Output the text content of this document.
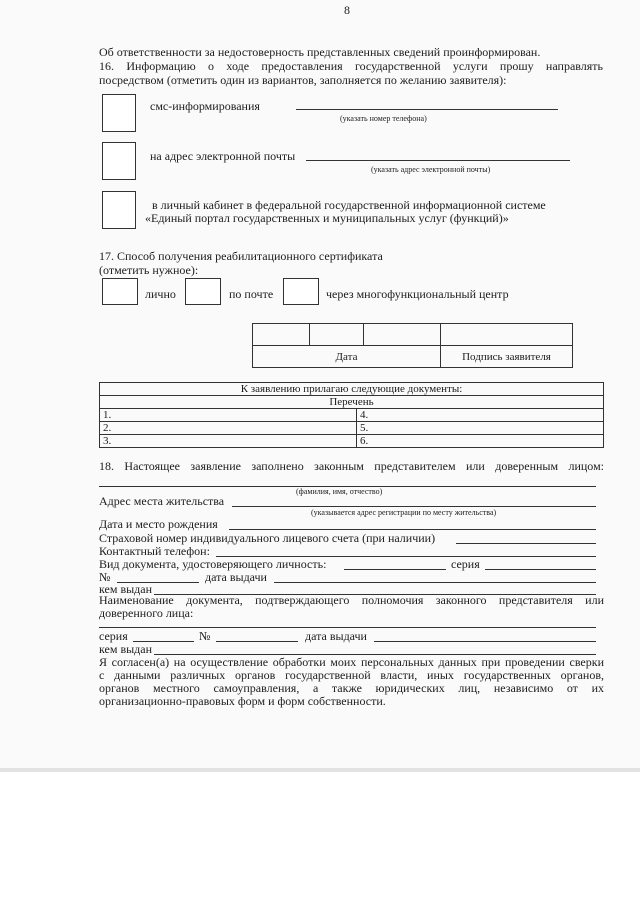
8
Об ответственности за недостоверность представленных сведений проинформирован.
16. Информацию о ходе предоставления государственной услуги прошу направлять
посредством (отметить один из вариантов, заполняется по желанию заявителя):
смс-информирования
(указать номер телефона)
на адрес электронной почты
(указать адрес электронной почты)
в личный кабинет в федеральной государственной информационной системе
«Единый портал государственных и муниципальных услуг (функций)»
17. Способ получения реабилитационного сертификата
(отметить нужное):
лично	по почте	через многофункциональный центр

Дата			Подпись заявителя
К заявлению прилагаю следующие документы:	
Перечень	
1.	4.
2.	5.
3.	6.
18. Настоящее заявление заполнено законным представителем или доверенным лицом:
(фамилия, имя, отчество)
Адрес места жительства
(указывается адрес регистрации по месту жительства)
Дата и место рождения
Страховой номер индивидуального лицевого счета (при наличии)
Контактный телефон:
Вид документа, удостоверяющего личность:	серия
№	дата выдачи
кем выдан
Наименование документа, подтверждающего полномочия законного представителя или
доверенного лица:
серия	№	дата выдачи
кем выдан
Я согласен(а) на осуществление обработки моих персональных данных при проведении сверки
с данными различных органов государственной власти, иных государственных органов,
органов местного самоуправления, а также юридических лиц, независимо от их
организационно-правовых форм и форм собственности.
